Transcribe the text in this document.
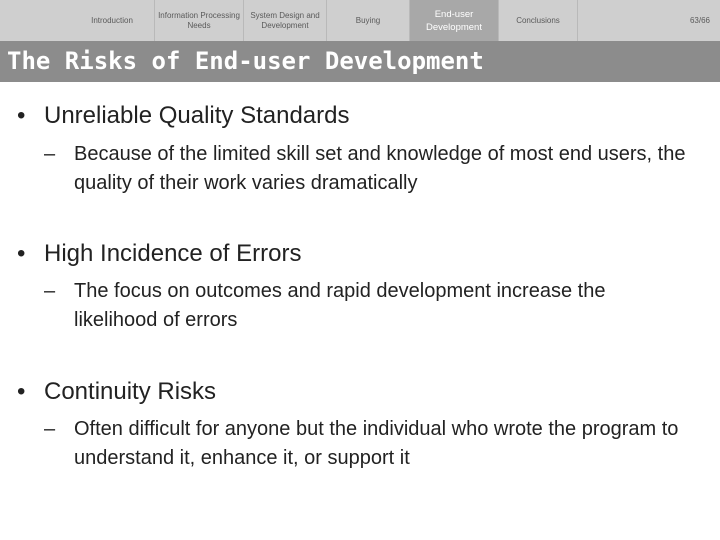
Introduction
Information Processing Needs
System Design and Development
Buying
End-user Development
Conclusions	63/66
The Risks of End-user Development
• Unreliable Quality Standards
– Because of the limited skill set and knowledge of most end users, the quality of their work varies dramatically
• High Incidence of Errors
– The focus on outcomes and rapid development increase the likelihood of errors
• Continuity Risks
– Often difficult for anyone but the individual who wrote the program to understand it, enhance it, or support it
